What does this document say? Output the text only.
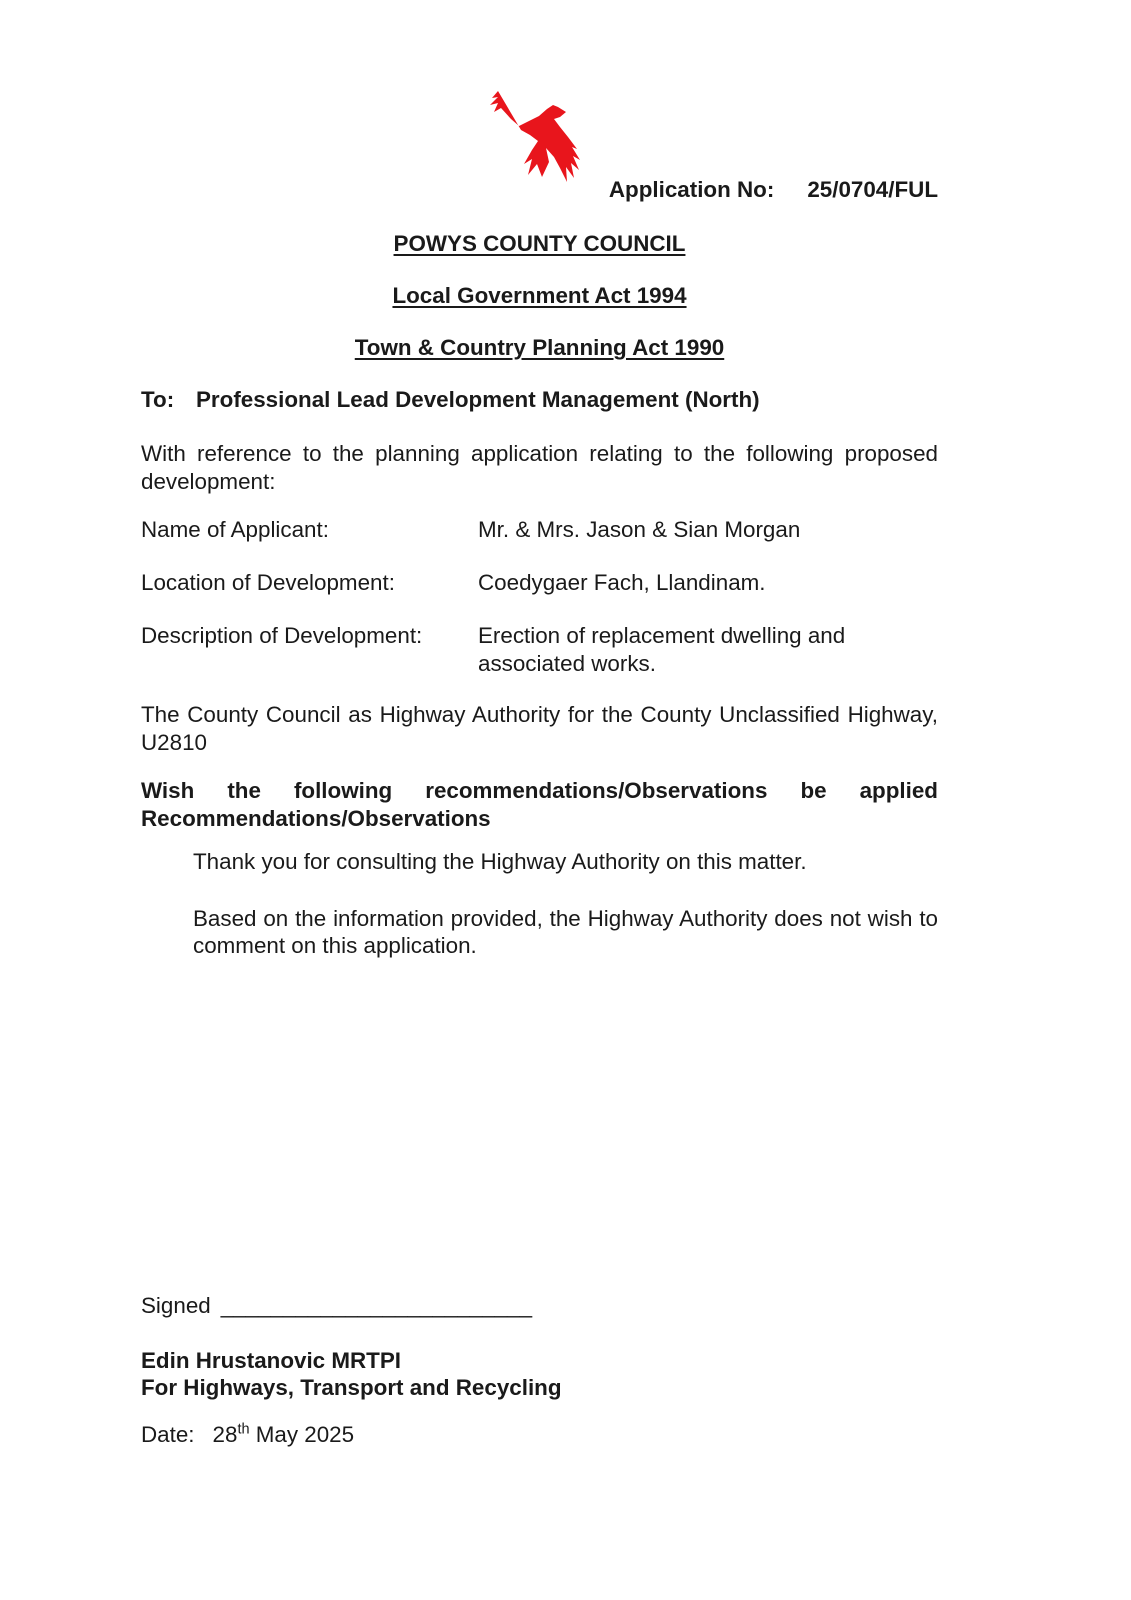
Application No: 25/0704/FUL

POWYS COUNTY COUNCIL

Local Government Act 1994

Town & Country Planning Act 1990

To: Professional Lead Development Management (North)

With reference to the planning application relating to the following proposed development:

Name of Applicant:	Mr. & Mrs. Jason & Sian Morgan
Location of Development:	Coedygaer Fach, Llandinam.
Description of Development:	Erection of replacement dwelling and associated works.

The County Council as Highway Authority for the County Unclassified Highway, U2810

Wish the following recommendations/Observations be applied Recommendations/Observations

Thank you for consulting the Highway Authority on this matter.

Based on the information provided, the Highway Authority does not wish to comment on this application.

Signed _________________________
Edin Hrustanovic MRTPI
For Highways, Transport and Recycling
Date: 28th May 2025
